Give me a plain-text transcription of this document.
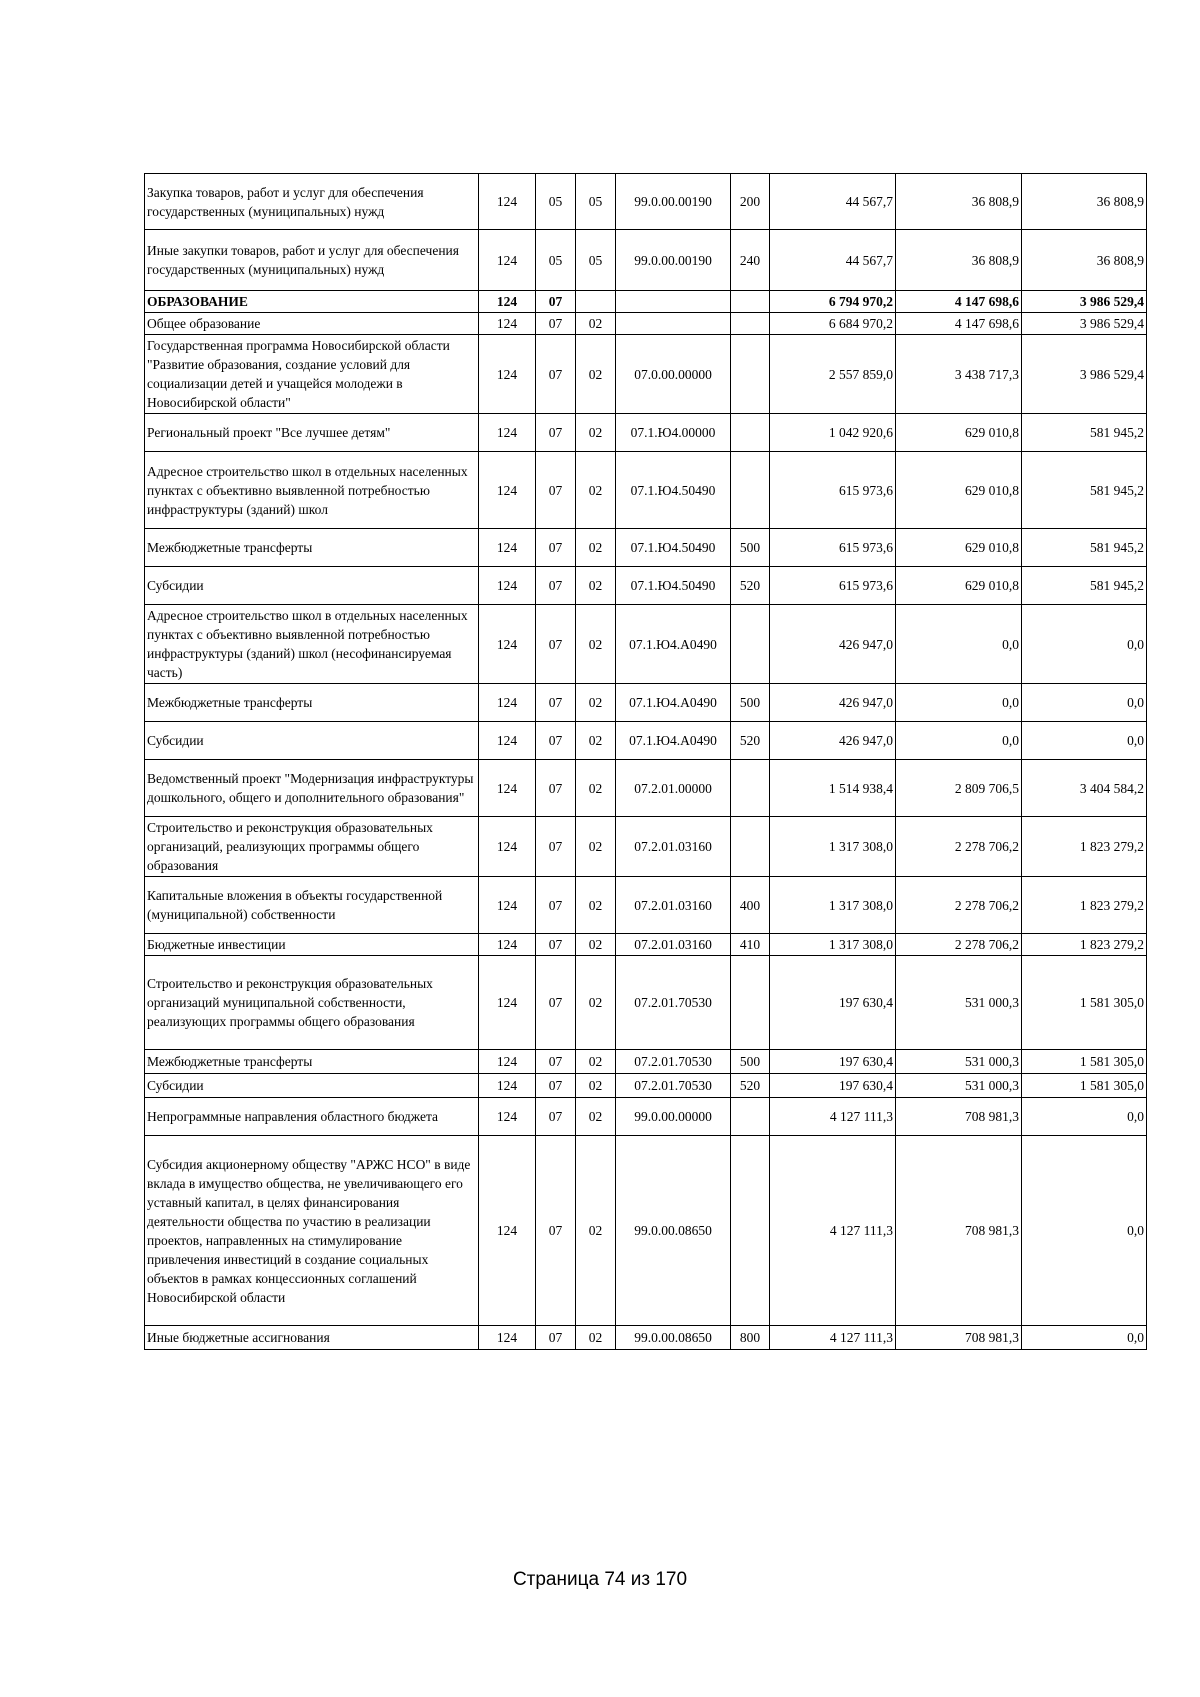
Закупка товаров, работ и услуг для обеспечения государственных (муниципальных) нужд	124	05	05	99.0.00.00190	200	44 567,7	36 808,9	36 808,9
Иные закупки товаров, работ и услуг для обеспечения государственных (муниципальных) нужд	124	05	05	99.0.00.00190	240	44 567,7	36 808,9	36 808,9
ОБРАЗОВАНИЕ	124	07				6 794 970,2	4 147 698,6	3 986 529,4
Общее образование	124	07	02			6 684 970,2	4 147 698,6	3 986 529,4
Государственная программа Новосибирской области "Развитие образования, создание условий для социализации детей и учащейся молодежи в Новосибирской области"	124	07	02	07.0.00.00000		2 557 859,0	3 438 717,3	3 986 529,4
Региональный проект "Все лучшее детям"	124	07	02	07.1.Ю4.00000		1 042 920,6	629 010,8	581 945,2
Адресное строительство школ в отдельных населенных пунктах с объективно выявленной потребностью инфраструктуры (зданий) школ	124	07	02	07.1.Ю4.50490		615 973,6	629 010,8	581 945,2
Межбюджетные трансферты	124	07	02	07.1.Ю4.50490	500	615 973,6	629 010,8	581 945,2
Субсидии	124	07	02	07.1.Ю4.50490	520	615 973,6	629 010,8	581 945,2
Адресное строительство школ в отдельных населенных пунктах с объективно выявленной потребностью инфраструктуры (зданий) школ (несофинансируемая часть)	124	07	02	07.1.Ю4.А0490		426 947,0	0,0	0,0
Межбюджетные трансферты	124	07	02	07.1.Ю4.А0490	500	426 947,0	0,0	0,0
Субсидии	124	07	02	07.1.Ю4.А0490	520	426 947,0	0,0	0,0
Ведомственный проект "Модернизация инфраструктуры дошкольного, общего и дополнительного образования"	124	07	02	07.2.01.00000		1 514 938,4	2 809 706,5	3 404 584,2
Строительство и реконструкция образовательных организаций, реализующих программы общего образования	124	07	02	07.2.01.03160		1 317 308,0	2 278 706,2	1 823 279,2
Капитальные вложения в объекты государственной (муниципальной) собственности	124	07	02	07.2.01.03160	400	1 317 308,0	2 278 706,2	1 823 279,2
Бюджетные инвестиции	124	07	02	07.2.01.03160	410	1 317 308,0	2 278 706,2	1 823 279,2
Строительство и реконструкция образовательных организаций муниципальной собственности, реализующих программы общего образования	124	07	02	07.2.01.70530		197 630,4	531 000,3	1 581 305,0
Межбюджетные трансферты	124	07	02	07.2.01.70530	500	197 630,4	531 000,3	1 581 305,0
Субсидии	124	07	02	07.2.01.70530	520	197 630,4	531 000,3	1 581 305,0
Непрограммные направления областного бюджета	124	07	02	99.0.00.00000		4 127 111,3	708 981,3	0,0
Субсидия акционерному обществу "АРЖС НСО" в виде вклада в имущество общества, не увеличивающего его уставный капитал, в целях финансирования деятельности общества по участию в реализации проектов, направленных на стимулирование привлечения инвестиций в создание социальных объектов в рамках концессионных соглашений Новосибирской области	124	07	02	99.0.00.08650		4 127 111,3	708 981,3	0,0
Иные бюджетные ассигнования	124	07	02	99.0.00.08650	800	4 127 111,3	708 981,3	0,0
Страница 74 из 170
